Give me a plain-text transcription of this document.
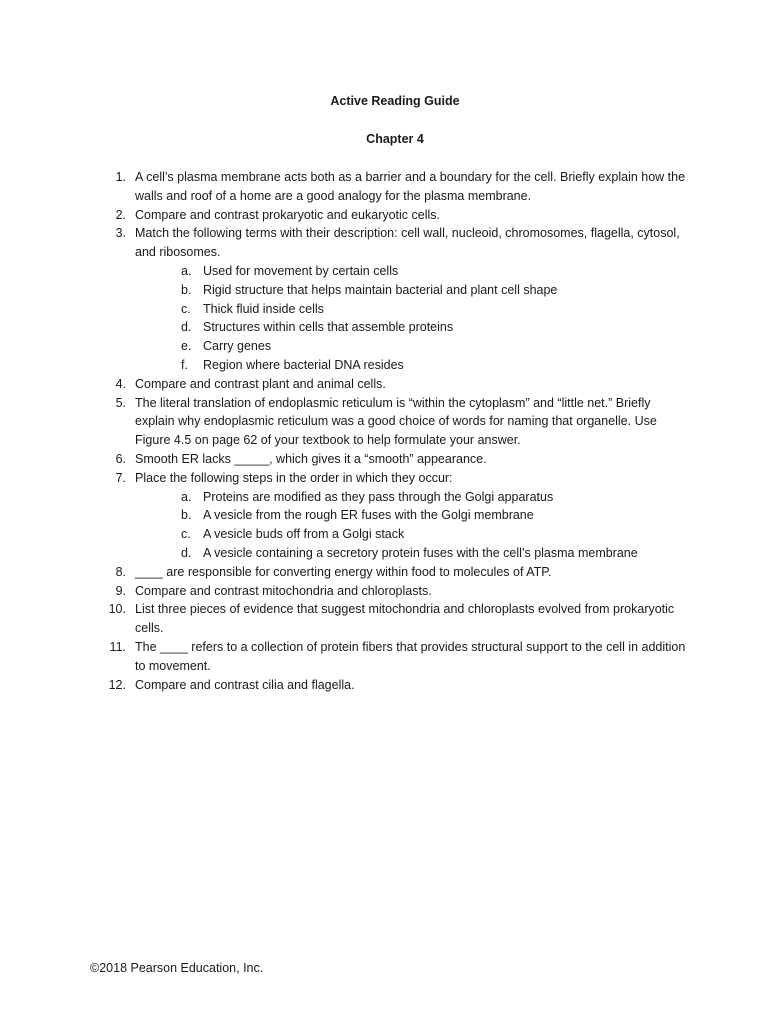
Active Reading Guide
Chapter 4
1. A cell’s plasma membrane acts both as a barrier and a boundary for the cell. Briefly explain how the walls and roof of a home are a good analogy for the plasma membrane.
2. Compare and contrast prokaryotic and eukaryotic cells.
3. Match the following terms with their description: cell wall, nucleoid, chromosomes, flagella, cytosol, and ribosomes.
a. Used for movement by certain cells
b. Rigid structure that helps maintain bacterial and plant cell shape
c. Thick fluid inside cells
d. Structures within cells that assemble proteins
e. Carry genes
f. Region where bacterial DNA resides
4. Compare and contrast plant and animal cells.
5. The literal translation of endoplasmic reticulum is “within the cytoplasm” and “little net.” Briefly explain why endoplasmic reticulum was a good choice of words for naming that organelle. Use Figure 4.5 on page 62 of your textbook to help formulate your answer.
6. Smooth ER lacks _____, which gives it a “smooth” appearance.
7. Place the following steps in the order in which they occur:
a. Proteins are modified as they pass through the Golgi apparatus
b. A vesicle from the rough ER fuses with the Golgi membrane
c. A vesicle buds off from a Golgi stack
d. A vesicle containing a secretory protein fuses with the cell’s plasma membrane
8. ____ are responsible for converting energy within food to molecules of ATP.
9. Compare and contrast mitochondria and chloroplasts.
10. List three pieces of evidence that suggest mitochondria and chloroplasts evolved from prokaryotic cells.
11. The ____ refers to a collection of protein fibers that provides structural support to the cell in addition to movement.
12. Compare and contrast cilia and flagella.
©2018 Pearson Education, Inc.
